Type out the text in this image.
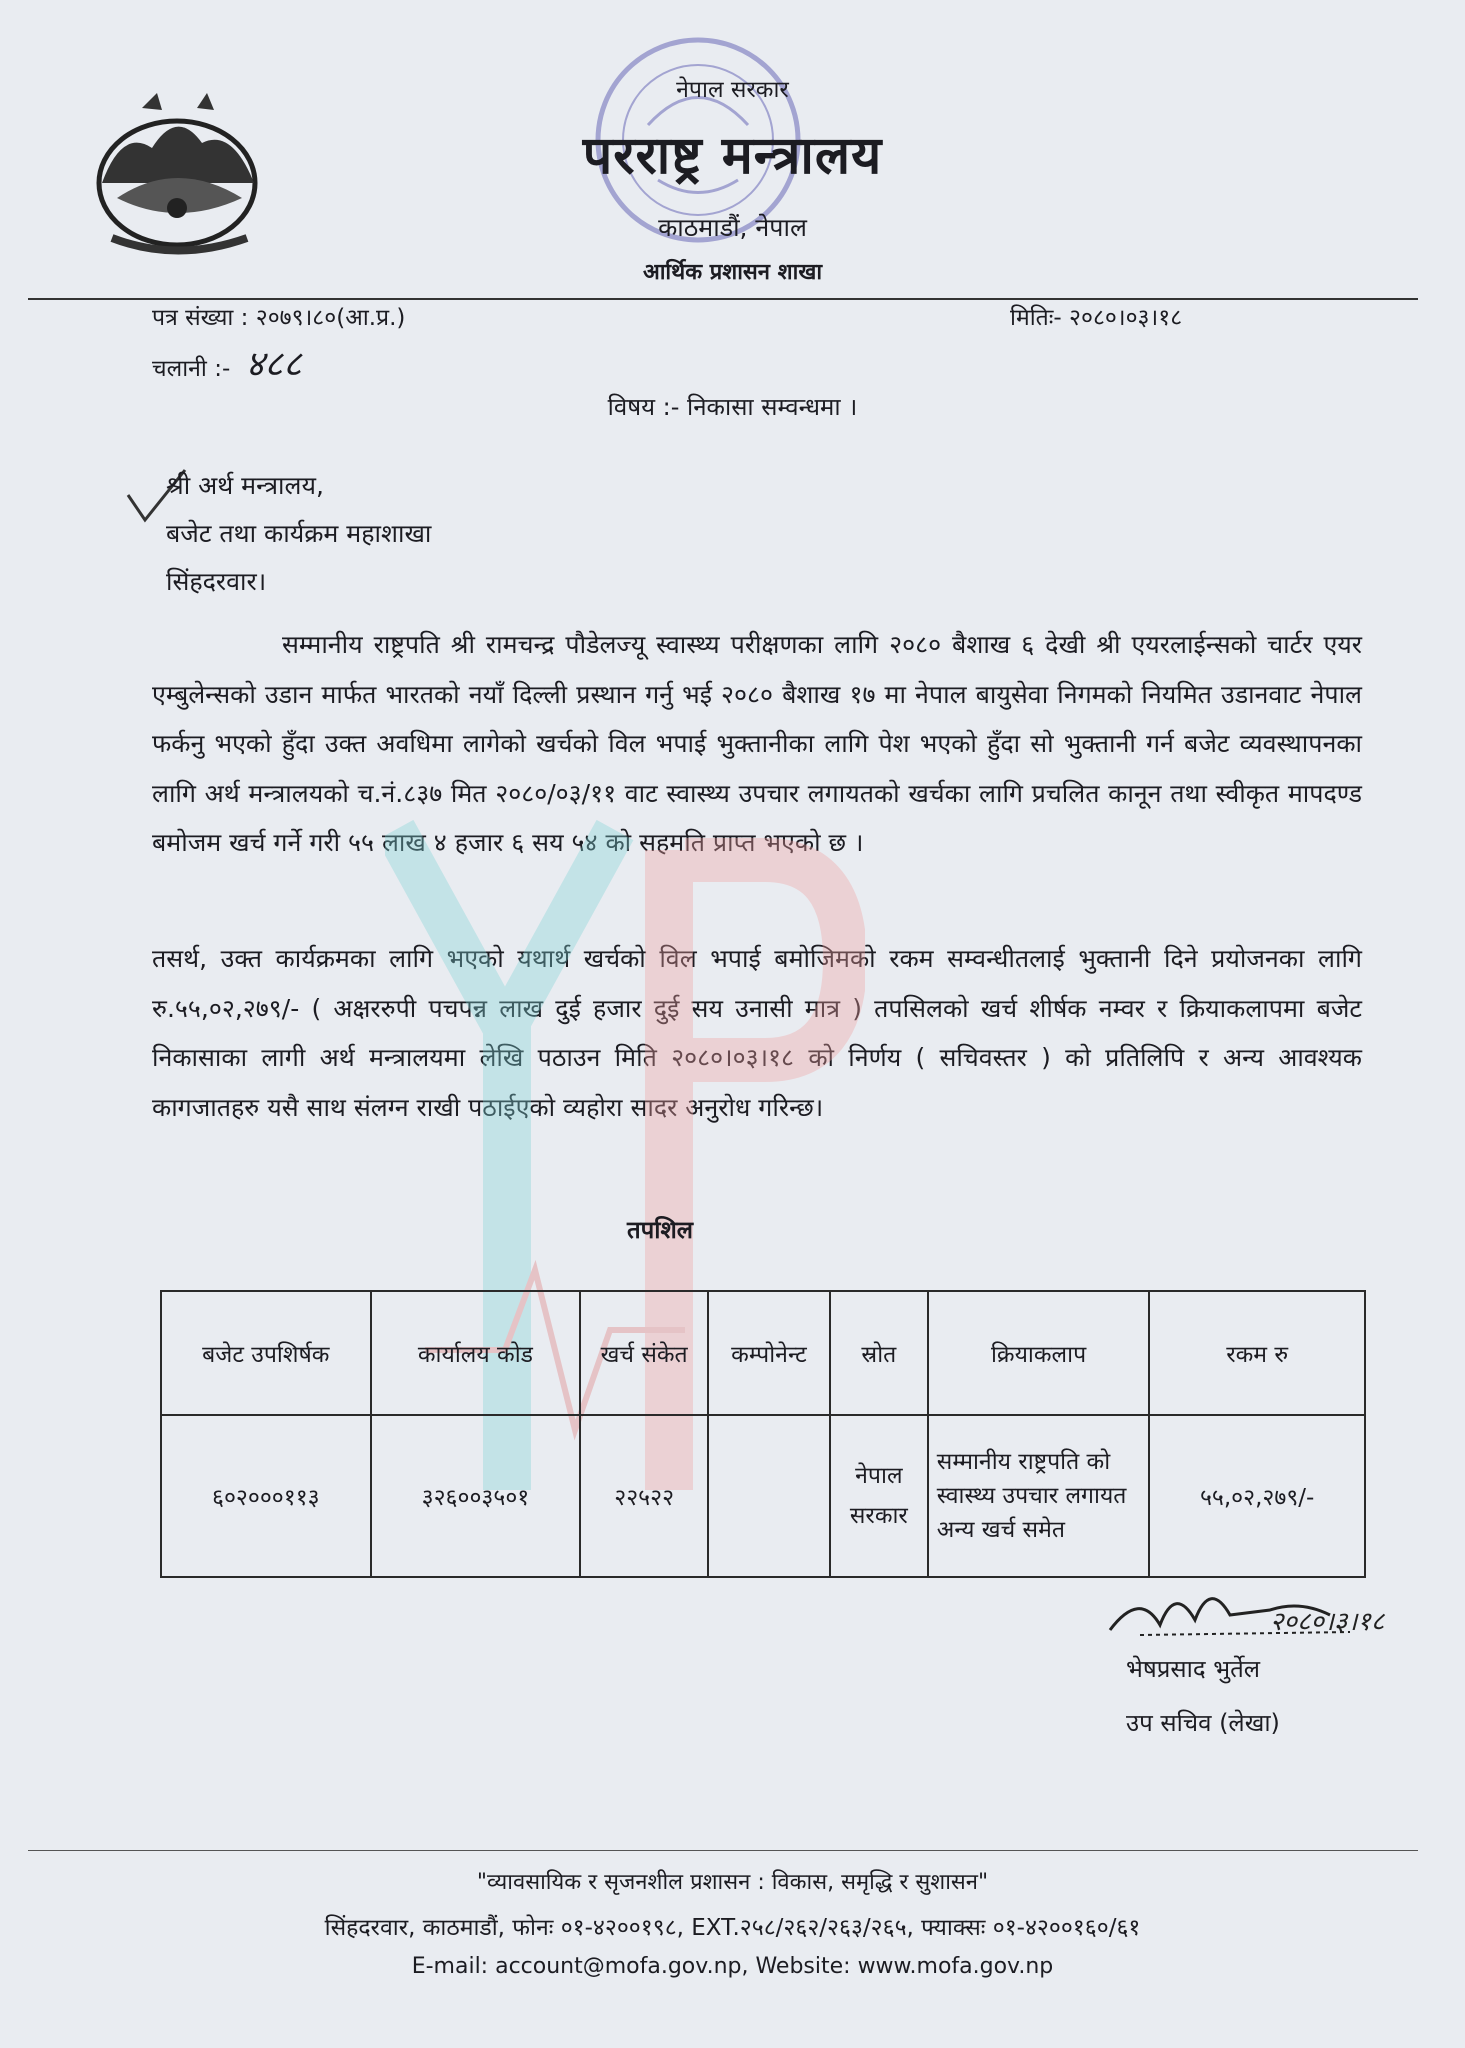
नेपाल सरकार
परराष्ट्र मन्त्रालय
काठमाडौं, नेपाल
आर्थिक प्रशासन शाखा
पत्र संख्या : २०७९।८०(आ.प्र.)
चलानी :- ४८८
मितिः- २०८०।०३।१८
विषय :- निकासा सम्वन्धमा ।
श्री अर्थ मन्त्रालय,
बजेट तथा कार्यक्रम महाशाखा
सिंहदरवार।
सम्मानीय राष्ट्रपति श्री रामचन्द्र पौडेलज्यू स्वास्थ्य परीक्षणका लागि २०८० बैशाख ६ देखी श्री एयरलाईन्सको चार्टर एयर एम्बुलेन्सको उडान मार्फत भारतको नयाँ दिल्ली प्रस्थान गर्नु भई २०८० बैशाख १७ मा नेपाल बायुसेवा निगमको नियमित उडानवाट नेपाल फर्कनु भएको हुँदा उक्त अवधिमा लागेको खर्चको विल भपाई भुक्तानीका लागि पेश भएको हुँदा सो भुक्तानी गर्न बजेट व्यवस्थापनका लागि अर्थ मन्त्रालयको च.नं.८३७ मित २०८०/०३/११ वाट स्वास्थ्य उपचार लगायतको खर्चका लागि प्रचलित कानून तथा स्वीकृत मापदण्ड बमोजम खर्च गर्ने गरी ५५ लाख ४ हजार ६ सय ५४ को सहमति प्राप्त भएको छ ।
तसर्थ, उक्त कार्यक्रमका लागि भएको यथार्थ खर्चको विल भपाई बमोजिमको रकम सम्वन्धीतलाई भुक्तानी दिने प्रयोजनका लागि रु.५५,०२,२७९/- ( अक्षररुपी पचपन्न लाख दुई हजार दुई सय उनासी मात्र ) तपसिलको खर्च शीर्षक नम्वर र क्रियाकलापमा बजेट निकासाका लागी अर्थ मन्त्रालयमा लेखि पठाउन मिति २०८०।०३।१८ को निर्णय ( सचिवस्तर ) को प्रतिलिपि र अन्य आवश्यक कागजातहरु यसै साथ संलग्न राखी पठाईएको व्यहोरा सादर अनुरोध गरिन्छ।
तपशिल
बजेट उपशिर्षक	कार्यालय कोड	खर्च संकेत	कम्पोनेन्ट	स्रोत	क्रियाकलाप	रकम रु
६०२०००११३	३२६००३५०१	२२५२२		नेपाल सरकार	सम्मानीय राष्ट्रपति को स्वास्थ्य उपचार लगायत अन्य खर्च समेत	५५,०२,२७९/-
२०८०।३।१८
भेषप्रसाद भुर्तेल
उप सचिव (लेखा)
"व्यावसायिक र सृजनशील प्रशासन : विकास, समृद्धि र सुशासन"
सिंहदरवार, काठमाडौं, फोनः ०१-४२००१९८, EXT.२५८/२६२/२६३/२६५, फ्याक्सः ०१-४२००१६०/६१
E-mail: account@mofa.gov.np, Website: www.mofa.gov.np
